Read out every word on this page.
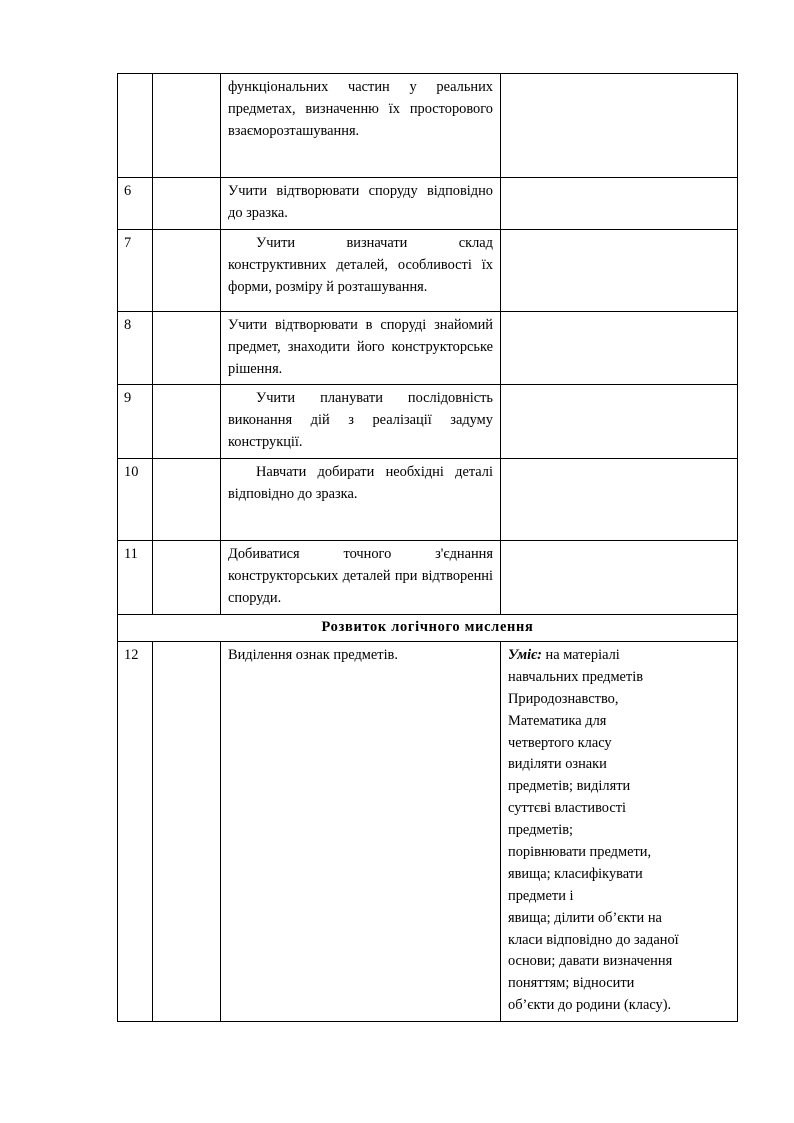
		функціональних частин у реальних предметах, визначенню їх просторового взаєморозташування.	

6		Учити відтворювати споруду відповідно до зразка.	

7		Учити визначати склад конструктивних деталей, особливості їх форми, розміру й розташування.	

8		Учити відтворювати в споруді знайомий предмет, знаходити його конструкторське рішення.	

9		Учити планувати послідовність виконання дій з реалізації задуму конструкції.	

10		Навчати добирати необхідні деталі відповідно до зразка.	

11		Добиватися точного з'єднання конструкторських деталей при відтворенні споруди.	

Розвиток логічного мислення			
12		Виділення ознак предметів.	Уміє: на матеріалі
навчальних предметів
Природознавство,
Математика для
четвертого класу
виділяти ознаки
предметів; виділяти
суттєві властивості
предметів;
порівнювати предмети,
явища; класифікувати
предмети і
явища; ділити об’єкти на
класи відповідно до заданої
основи; давати визначення
поняттям; відносити
об’єкти до родини (класу).
